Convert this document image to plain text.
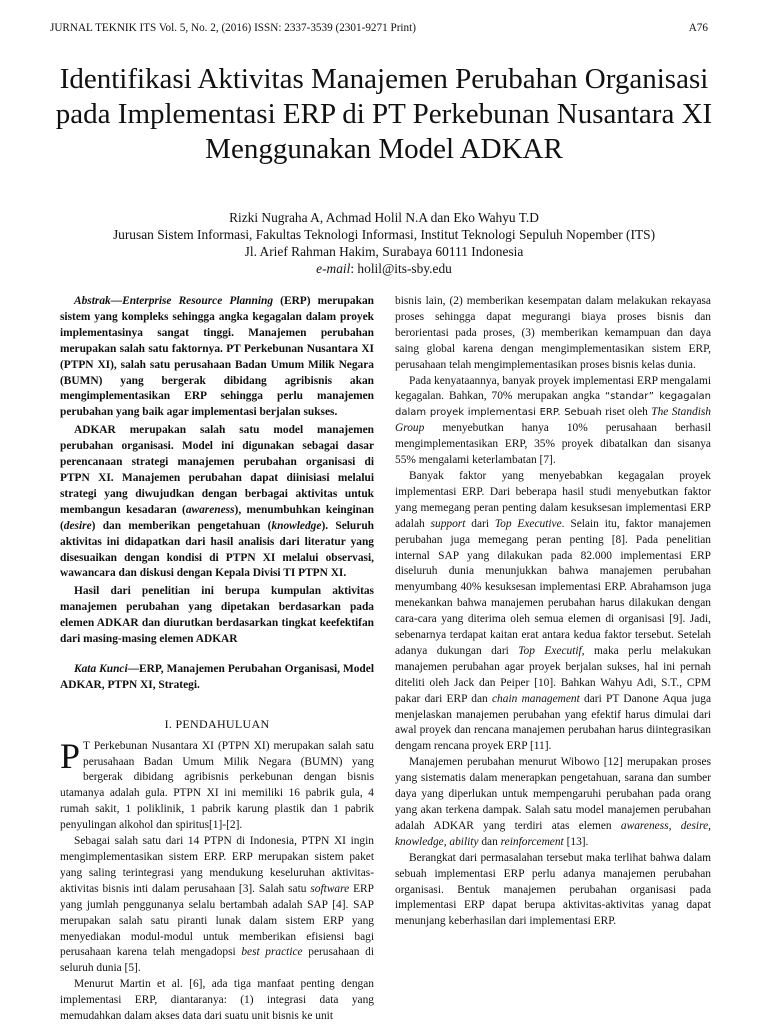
JURNAL TEKNIK ITS Vol. 5, No. 2, (2016) ISSN: 2337-3539 (2301-9271 Print)	A76
Identifikasi Aktivitas Manajemen Perubahan Organisasi pada Implementasi ERP di PT Perkebunan Nusantara XI Menggunakan Model ADKAR
Rizki Nugraha A, Achmad Holil N.A dan Eko Wahyu T.D
Jurusan Sistem Informasi, Fakultas Teknologi Informasi, Institut Teknologi Sepuluh Nopember (ITS)
Jl. Arief Rahman Hakim, Surabaya 60111 Indonesia
e-mail: holil@its-sby.edu

Abstrak—Enterprise Resource Planning (ERP) merupakan sistem yang kompleks sehingga angka kegagalan dalam proyek implementasinya sangat tinggi. Manajemen perubahan merupakan salah satu faktornya. PT Perkebunan Nusantara XI (PTPN XI), salah satu perusahaan Badan Umum Milik Negara (BUMN) yang bergerak dibidang agribisnis akan mengimplementasikan ERP sehingga perlu manajemen perubahan yang baik agar implementasi berjalan sukses.

ADKAR merupakan salah satu model manajemen perubahan organisasi. Model ini digunakan sebagai dasar perencanaan strategi manajemen perubahan organisasi di PTPN XI. Manajemen perubahan dapat diinisiasi melalui strategi yang diwujudkan dengan berbagai aktivitas untuk membangun kesadaran (awareness), menumbuhkan keinginan (desire) dan memberikan pengetahuan (knowledge). Seluruh aktivitas ini didapatkan dari hasil analisis dari literatur yang disesuaikan dengan kondisi di PTPN XI melalui observasi, wawancara dan diskusi dengan Kepala Divisi TI PTPN XI.

Hasil dari penelitian ini berupa kumpulan aktivitas manajemen perubahan yang dipetakan berdasarkan pada elemen ADKAR dan diurutkan berdasarkan tingkat keefektifan dari masing-masing elemen ADKAR

Kata Kunci—ERP, Manajemen Perubahan Organisasi, Model ADKAR, PTPN XI, Strategi.

I. PENDAHULUAN

P T Perkebunan Nusantara XI (PTPN XI) merupakan salah satu perusahaan Badan Umum Milik Negara (BUMN) yang bergerak dibidang agribisnis perkebunan dengan bisnis utamanya adalah gula. PTPN XI ini memiliki 16 pabrik gula, 4 rumah sakit, 1 poliklinik, 1 pabrik karung plastik dan 1 pabrik penyulingan alkohol dan spiritus[1]-[2].

Sebagai salah satu dari 14 PTPN di Indonesia, PTPN XI ingin mengimplementasikan sistem ERP. ERP merupakan sistem paket yang saling terintegrasi yang mendukung keseluruhan aktivitas-aktivitas bisnis inti dalam perusahaan [3]. Salah satu software ERP yang jumlah penggunanya selalu bertambah adalah SAP [4]. SAP merupakan salah satu piranti lunak dalam sistem ERP yang menyediakan modul-modul untuk memberikan efisiensi bagi perusahaan karena telah mengadopsi best practice perusahaan di seluruh dunia [5].

Menurut Martin et al. [6], ada tiga manfaat penting dengan implementasi ERP, diantaranya: (1) integrasi data yang memudahkan dalam akses data dari suatu unit bisnis ke unit

bisnis lain, (2) memberikan kesempatan dalam melakukan rekayasa proses sehingga dapat megurangi biaya proses bisnis dan berorientasi pada proses, (3) memberikan kemampuan dan daya saing global karena dengan mengimplementasikan sistem ERP, perusahaan telah mengimplementasikan proses bisnis kelas dunia.

Pada kenyataannya, banyak proyek implementasi ERP mengalami kegagalan. Bahkan, 70% merupakan angka “standar” kegagalan dalam proyek implementasi ERP. Sebuah riset oleh The Standish Group menyebutkan hanya 10% perusahaan berhasil mengimplementasikan ERP, 35% proyek dibatalkan dan sisanya 55% mengalami keterlambatan [7].

Banyak faktor yang menyebabkan kegagalan proyek implementasi ERP. Dari beberapa hasil studi menyebutkan faktor yang memegang peran penting dalam kesuksesan implementasi ERP adalah support dari Top Executive. Selain itu, faktor manajemen perubahan juga memegang peran penting [8]. Pada penelitian internal SAP yang dilakukan pada 82.000 implementasi ERP diseluruh dunia menunjukkan bahwa manajemen perubahan menyumbang 40% kesuksesan implementasi ERP. Abrahamson juga menekankan bahwa manajemen perubahan harus dilakukan dengan cara-cara yang diterima oleh semua elemen di organisasi [9]. Jadi, sebenarnya terdapat kaitan erat antara kedua faktor tersebut. Setelah adanya dukungan dari Top Executif, maka perlu melakukan manajemen perubahan agar proyek berjalan sukses, hal ini pernah diteliti oleh Jack dan Peiper [10]. Bahkan Wahyu Adi, S.T., CPM pakar dari ERP dan chain management dari PT Danone Aqua juga menjelaskan manajemen perubahan yang efektif harus dimulai dari awal proyek dan rencana manajemen perubahan harus diintegrasikan dengam rencana proyek ERP [11].

Manajemen perubahan menurut Wibowo [12] merupakan proses yang sistematis dalam menerapkan pengetahuan, sarana dan sumber daya yang diperlukan untuk mempengaruhi perubahan pada orang yang akan terkena dampak. Salah satu model manajemen perubahan adalah ADKAR yang terdiri atas elemen awareness, desire, knowledge, ability dan reinforcement [13].

Berangkat dari permasalahan tersebut maka terlihat bahwa dalam sebuah implementasi ERP perlu adanya manajemen perubahan organisasi. Bentuk manajemen perubahan organisasi pada implementasi ERP dapat berupa aktivitas-aktivitas yanag dapat menunjang keberhasilan dari implementasi ERP.
